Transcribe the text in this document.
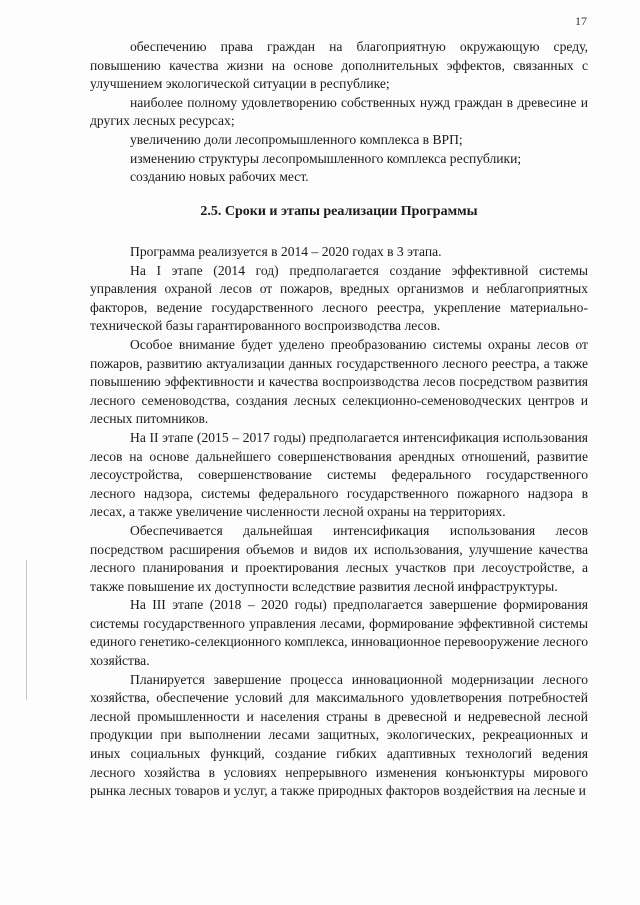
17

обеспечению права граждан на благоприятную окружающую среду, повышению качества жизни на основе дополнительных эффектов, связанных с улучшением экологической ситуации в республике;

наиболее полному удовлетворению собственных нужд граждан в древесине и других лесных ресурсах;

увеличению доли лесопромышленного комплекса в ВРП;

изменению структуры лесопромышленного комплекса республики;

созданию новых рабочих мест.

2.5. Сроки и этапы реализации Программы

Программа реализуется в 2014 – 2020 годах в 3 этапа.

На I этапе (2014 год) предполагается создание эффективной системы управления охраной лесов от пожаров, вредных организмов и неблагоприятных факторов, ведение государственного лесного реестра, укрепление материально-технической базы гарантированного воспроизводства лесов.

Особое внимание будет уделено преобразованию системы охраны лесов от пожаров, развитию актуализации данных государственного лесного реестра, а также повышению эффективности и качества воспроизводства лесов посредством развития лесного семеноводства, создания лесных селекционно-семеноводческих центров и лесных питомников.

На II этапе (2015 – 2017 годы) предполагается интенсификация использования лесов на основе дальнейшего совершенствования арендных отношений, развитие лесоустройства, совершенствование системы федерального государственного лесного надзора, системы федерального государственного пожарного надзора в лесах, а также увеличение численности лесной охраны на территориях.

Обеспечивается дальнейшая интенсификация использования лесов посредством расширения объемов и видов их использования, улучшение качества лесного планирования и проектирования лесных участков при лесоустройстве, а также повышение их доступности вследствие развития лесной инфраструктуры.

На III этапе (2018 – 2020 годы) предполагается завершение формирования системы государственного управления лесами, формирование эффективной системы единого генетико-селекционного комплекса, инновационное перевооружение лесного хозяйства.

Планируется завершение процесса инновационной модернизации лесного хозяйства, обеспечение условий для максимального удовлетворения потребностей лесной промышленности и населения страны в древесной и недревесной лесной продукции при выполнении лесами защитных, экологических, рекреационных и иных социальных функций, создание гибких адаптивных технологий ведения лесного хозяйства в условиях непрерывного изменения конъюнктуры мирового рынка лесных товаров и услуг, а также природных факторов воздействия на лесные и
